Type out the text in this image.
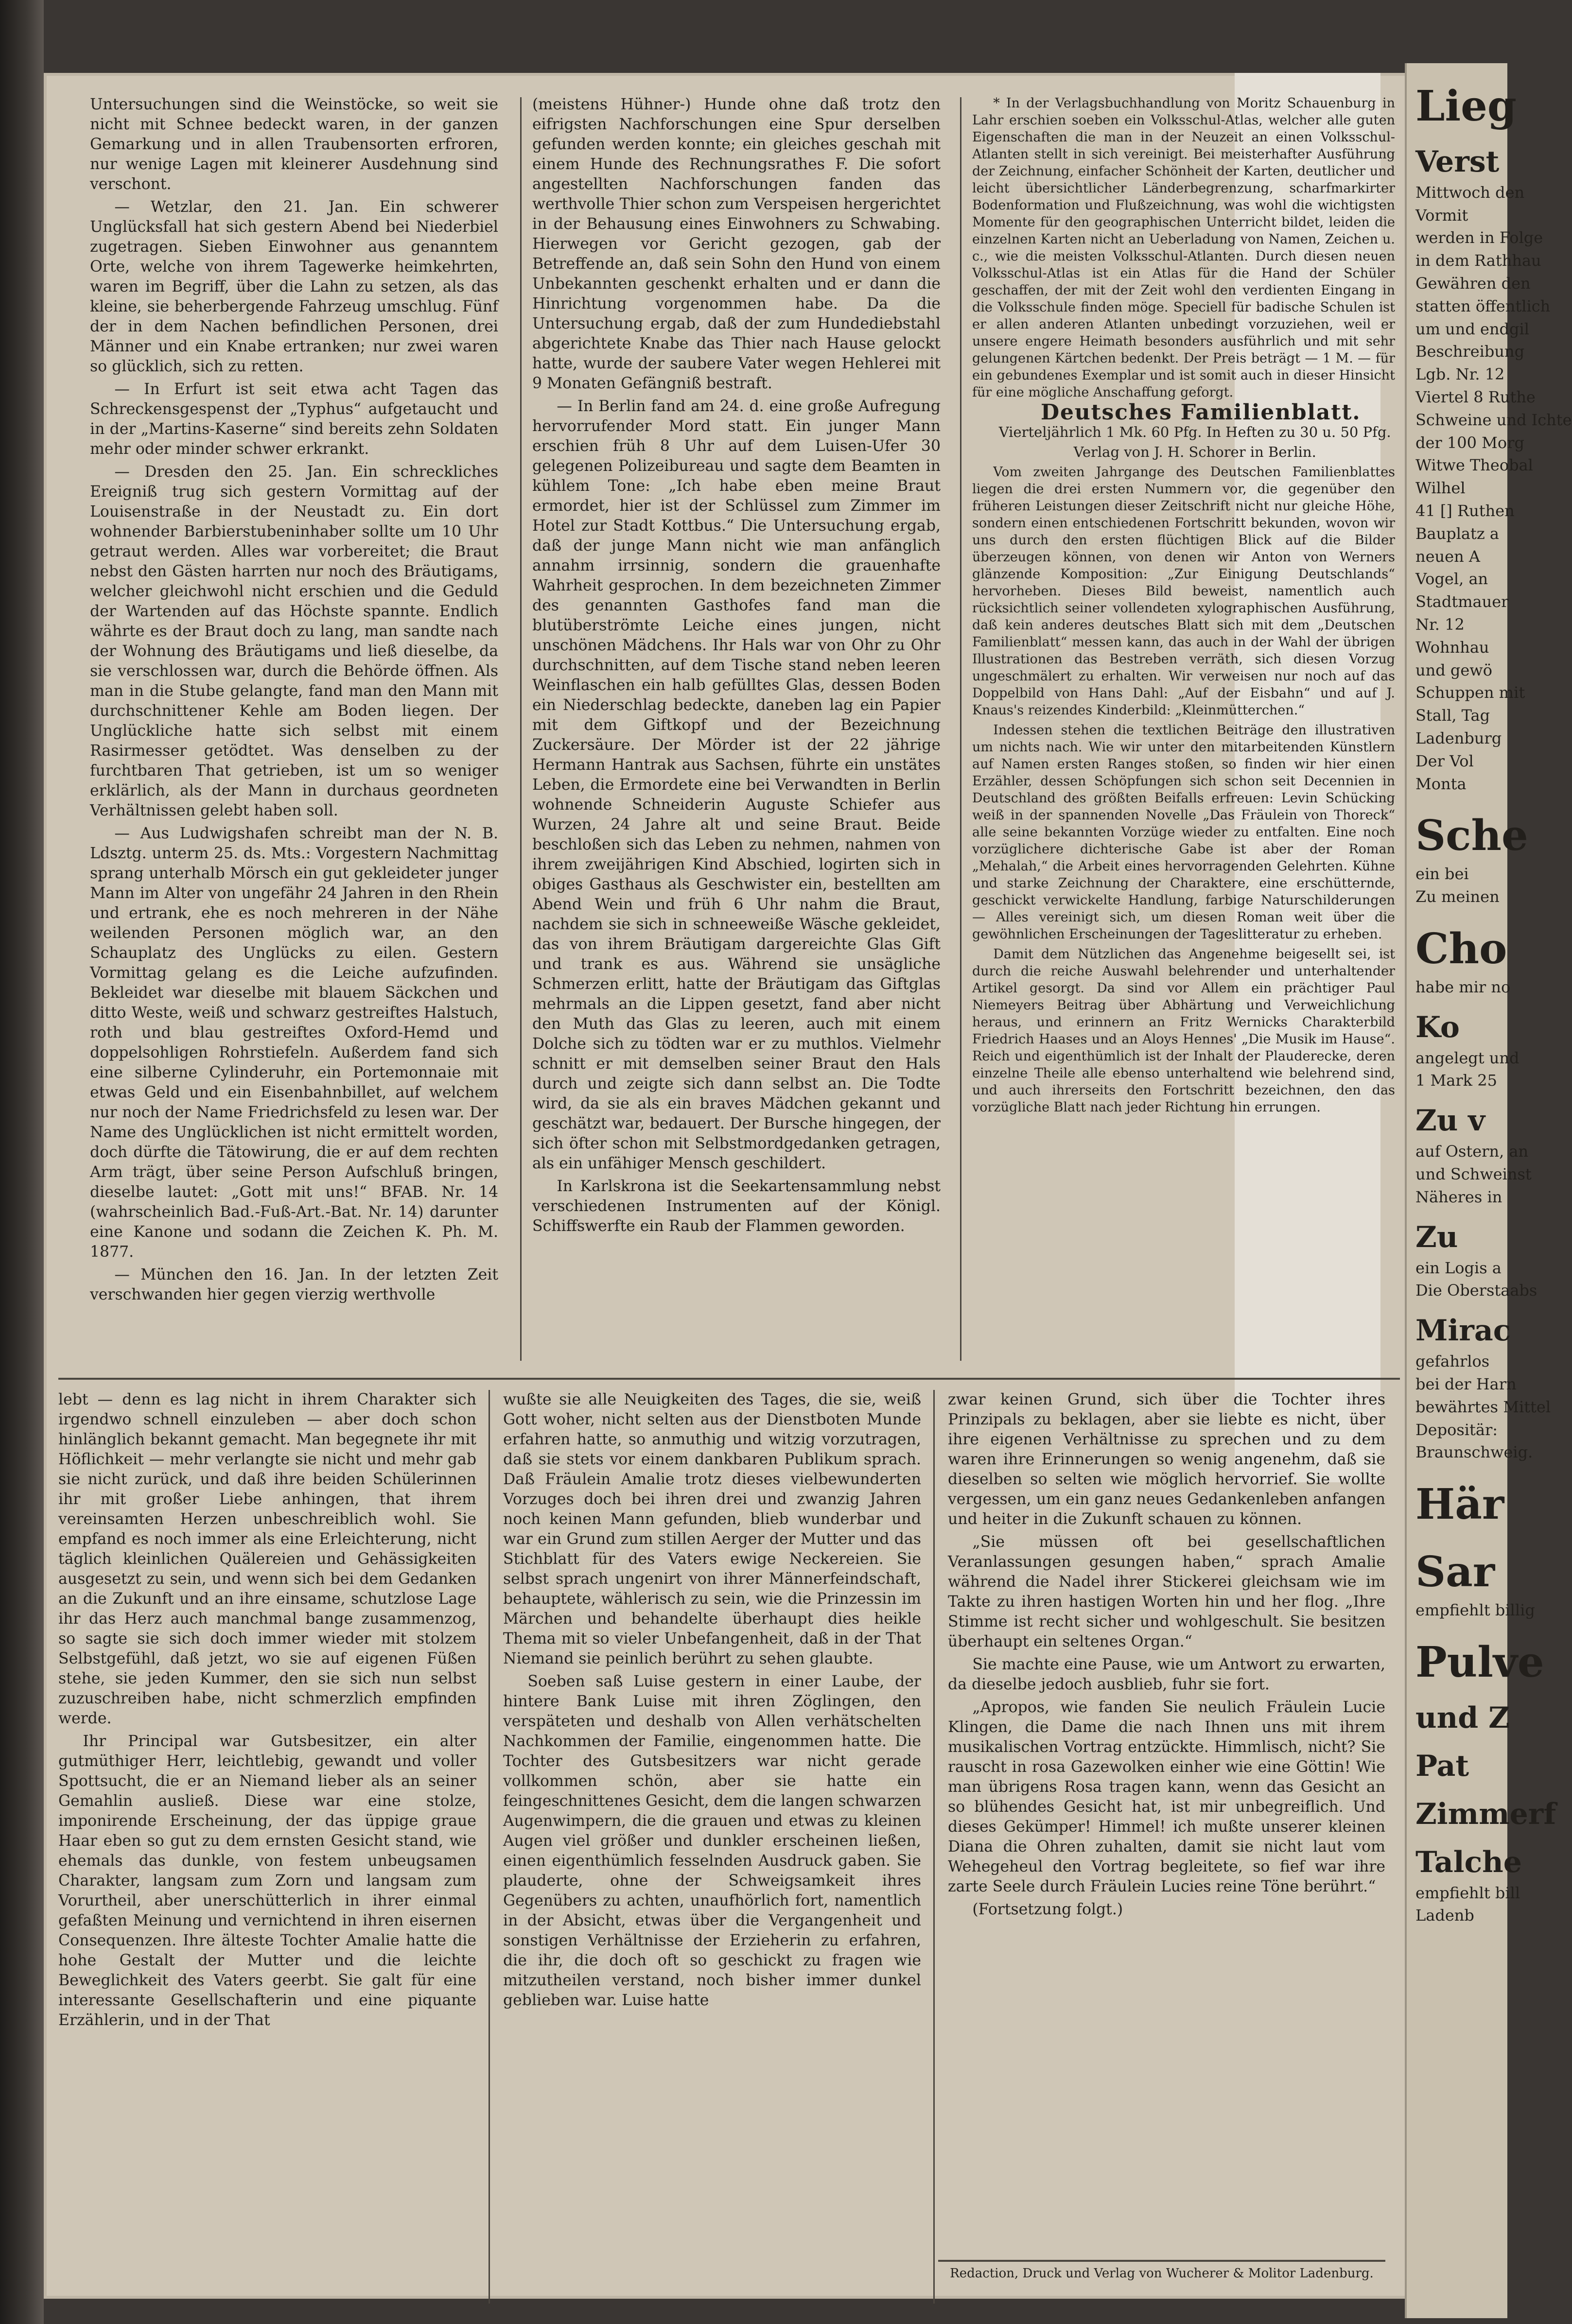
Untersuchungen sind die Weinstöcke, so weit sie nicht mit Schnee bedeckt waren, in der ganzen Gemarkung und in allen Traubensorten erfroren, nur wenige Lagen mit kleinerer Ausdehnung sind verschont.

— Wetzlar, den 21. Jan. Ein schwerer Unglücksfall hat sich gestern Abend bei Niederbiel zugetragen. Sieben Einwohner aus genanntem Orte, welche von ihrem Tagewerke heimkehrten, waren im Begriff, über die Lahn zu setzen, als das kleine, sie beherbergende Fahrzeug umschlug. Fünf der in dem Nachen befindlichen Personen, drei Männer und ein Knabe ertranken; nur zwei waren so glücklich, sich zu retten.

— In Erfurt ist seit etwa acht Tagen das Schreckensgespenst der „Typhus“ aufgetaucht und in der „Martins-Kaserne“ sind bereits zehn Soldaten mehr oder minder schwer erkrankt.

— Dresden den 25. Jan. Ein schreckliches Ereigniß trug sich gestern Vormittag auf der Louisenstraße in der Neustadt zu. Ein dort wohnender Barbierstubeninhaber sollte um 10 Uhr getraut werden. Alles war vorbereitet; die Braut nebst den Gästen harrten nur noch des Bräutigams, welcher gleichwohl nicht erschien und die Geduld der Wartenden auf das Höchste spannte. Endlich währte es der Braut doch zu lang, man sandte nach der Wohnung des Bräutigams und ließ dieselbe, da sie verschlossen war, durch die Behörde öffnen. Als man in die Stube gelangte, fand man den Mann mit durchschnittener Kehle am Boden liegen. Der Unglückliche hatte sich selbst mit einem Rasirmesser getödtet. Was denselben zu der furchtbaren That getrieben, ist um so weniger erklärlich, als der Mann in durchaus geordneten Verhältnissen gelebt haben soll.

— Aus Ludwigshafen schreibt man der N. B. Ldsztg. unterm 25. ds. Mts.: Vorgestern Nachmittag sprang unterhalb Mörsch ein gut gekleideter junger Mann im Alter von ungefähr 24 Jahren in den Rhein und ertrank, ehe es noch mehreren in der Nähe weilenden Personen möglich war, an den Schauplatz des Unglücks zu eilen. Gestern Vormittag gelang es die Leiche aufzufinden. Bekleidet war dieselbe mit blauem Säckchen und ditto Weste, weiß und schwarz gestreiftes Halstuch, roth und blau gestreiftes Oxford-Hemd und doppelsohligen Rohrstiefeln. Außerdem fand sich eine silberne Cylinderuhr, ein Portemonnaie mit etwas Geld und ein Eisenbahnbillet, auf welchem nur noch der Name Friedrichsfeld zu lesen war. Der Name des Unglücklichen ist nicht ermittelt worden, doch dürfte die Tätowirung, die er auf dem rechten Arm trägt, über seine Person Aufschluß bringen, dieselbe lautet: „Gott mit uns!“ BFAB. Nr. 14 (wahrscheinlich Bad.-Fuß-Art.-Bat. Nr. 14) darunter eine Kanone und sodann die Zeichen K. Ph. M. 1877.

— München den 16. Jan. In der letzten Zeit verschwanden hier gegen vierzig werthvolle

(meistens Hühner-) Hunde ohne daß trotz den eifrigsten Nachforschungen eine Spur derselben gefunden werden konnte; ein gleiches geschah mit einem Hunde des Rechnungsrathes F. Die sofort angestellten Nachforschungen fanden das werthvolle Thier schon zum Verspeisen hergerichtet in der Behausung eines Einwohners zu Schwabing. Hierwegen vor Gericht gezogen, gab der Betreffende an, daß sein Sohn den Hund von einem Unbekannten geschenkt erhalten und er dann die Hinrichtung vorgenommen habe. Da die Untersuchung ergab, daß der zum Hundediebstahl abgerichtete Knabe das Thier nach Hause gelockt hatte, wurde der saubere Vater wegen Hehlerei mit 9 Monaten Gefängniß bestraft.

— In Berlin fand am 24. d. eine große Aufregung hervorrufender Mord statt. Ein junger Mann erschien früh 8 Uhr auf dem Luisen-Ufer 30 gelegenen Polizeibureau und sagte dem Beamten in kühlem Tone: „Ich habe eben meine Braut ermordet, hier ist der Schlüssel zum Zimmer im Hotel zur Stadt Kottbus.“ Die Untersuchung ergab, daß der junge Mann nicht wie man anfänglich annahm irrsinnig, sondern die grauenhafte Wahrheit gesprochen. In dem bezeichneten Zimmer des genannten Gasthofes fand man die blutüberströmte Leiche eines jungen, nicht unschönen Mädchens. Ihr Hals war von Ohr zu Ohr durchschnitten, auf dem Tische stand neben leeren Weinflaschen ein halb gefülltes Glas, dessen Boden ein Niederschlag bedeckte, daneben lag ein Papier mit dem Giftkopf und der Bezeichnung Zuckersäure. Der Mörder ist der 22 jährige Hermann Hantrak aus Sachsen, führte ein unstätes Leben, die Ermordete eine bei Verwandten in Berlin wohnende Schneiderin Auguste Schiefer aus Wurzen, 24 Jahre alt und seine Braut. Beide beschloßen sich das Leben zu nehmen, nahmen von ihrem zweijährigen Kind Abschied, logirten sich in obiges Gasthaus als Geschwister ein, bestellten am Abend Wein und früh 6 Uhr nahm die Braut, nachdem sie sich in schneeweiße Wäsche gekleidet, das von ihrem Bräutigam dargereichte Glas Gift und trank es aus. Während sie unsägliche Schmerzen erlitt, hatte der Bräutigam das Giftglas mehrmals an die Lippen gesetzt, fand aber nicht den Muth das Glas zu leeren, auch mit einem Dolche sich zu tödten war er zu muthlos. Vielmehr schnitt er mit demselben seiner Braut den Hals durch und zeigte sich dann selbst an. Die Todte wird, da sie als ein braves Mädchen gekannt und geschätzt war, bedauert. Der Bursche hingegen, der sich öfter schon mit Selbstmordgedanken getragen, als ein unfähiger Mensch geschildert.

In Karlskrona ist die Seekartensammlung nebst verschiedenen Instrumenten auf der Königl. Schiffswerfte ein Raub der Flammen geworden.

* In der Verlagsbuchhandlung von Moritz Schauenburg in Lahr erschien soeben ein Volksschul-Atlas, welcher alle guten Eigenschaften die man in der Neuzeit an einen Volksschul-Atlanten stellt in sich vereinigt. Bei meisterhafter Ausführung der Zeichnung, einfacher Schönheit der Karten, deutlicher und leicht übersichtlicher Länderbegrenzung, scharfmarkirter Bodenformation und Flußzeichnung, was wohl die wichtigsten Momente für den geographischen Unterricht bildet, leiden die einzelnen Karten nicht an Ueberladung von Namen, Zeichen u. c., wie die meisten Volksschul-Atlanten. Durch diesen neuen Volksschul-Atlas ist ein Atlas für die Hand der Schüler geschaffen, der mit der Zeit wohl den verdienten Eingang in die Volksschule finden möge. Speciell für badische Schulen ist er allen anderen Atlanten unbedingt vorzuziehen, weil er unsere engere Heimath besonders ausführlich und mit sehr gelungenen Kärtchen bedenkt. Der Preis beträgt — 1 M. — für ein gebundenes Exemplar und ist somit auch in dieser Hinsicht für eine mögliche Anschaffung geforgt.

Deutsches Familienblatt.

Vierteljährlich 1 Mk. 60 Pfg. In Heften zu 30 u. 50 Pfg.

Verlag von J. H. Schorer in Berlin.

Vom zweiten Jahrgange des Deutschen Familienblattes liegen die drei ersten Nummern vor, die gegenüber den früheren Leistungen dieser Zeitschrift nicht nur gleiche Höhe, sondern einen entschiedenen Fortschritt bekunden, wovon wir uns durch den ersten flüchtigen Blick auf die Bilder überzeugen können, von denen wir Anton von Werners glänzende Komposition: „Zur Einigung Deutschlands“ hervorheben. Dieses Bild beweist, namentlich auch rücksichtlich seiner vollendeten xylographischen Ausführung, daß kein anderes deutsches Blatt sich mit dem „Deutschen Familienblatt“ messen kann, das auch in der Wahl der übrigen Illustrationen das Bestreben verräth, sich diesen Vorzug ungeschmälert zu erhalten. Wir verweisen nur noch auf das Doppelbild von Hans Dahl: „Auf der Eisbahn“ und auf J. Knaus's reizendes Kinderbild: „Kleinmütterchen.“

Indessen stehen die textlichen Beiträge den illustrativen um nichts nach. Wie wir unter den mitarbeitenden Künstlern auf Namen ersten Ranges stoßen, so finden wir hier einen Erzähler, dessen Schöpfungen sich schon seit Decennien in Deutschland des größten Beifalls erfreuen: Levin Schücking weiß in der spannenden Novelle „Das Fräulein von Thoreck“ alle seine bekannten Vorzüge wieder zu entfalten. Eine noch vorzüglichere dichterische Gabe ist aber der Roman „Mehalah,“ die Arbeit eines hervorragenden Gelehrten. Kühne und starke Zeichnung der Charaktere, eine erschütternde, geschickt verwickelte Handlung, farbige Naturschilderungen — Alles vereinigt sich, um diesen Roman weit über die gewöhnlichen Erscheinungen der Tageslitteratur zu erheben.

Damit dem Nützlichen das Angenehme beigesellt sei, ist durch die reiche Auswahl belehrender und unterhaltender Artikel gesorgt. Da sind vor Allem ein prächtiger Paul Niemeyers Beitrag über Abhärtung und Verweichlichung heraus, und erinnern an Fritz Wernicks Charakterbild Friedrich Haases und an Aloys Hennes' „Die Musik im Hause“. Reich und eigenthümlich ist der Inhalt der Plauderecke, deren einzelne Theile alle ebenso unterhaltend wie belehrend sind, und auch ihrerseits den Fortschritt bezeichnen, den das vorzügliche Blatt nach jeder Richtung hin errungen.

lebt — denn es lag nicht in ihrem Charakter sich irgendwo schnell einzuleben — aber doch schon hinlänglich bekannt gemacht. Man begegnete ihr mit Höflichkeit — mehr verlangte sie nicht und mehr gab sie nicht zurück, und daß ihre beiden Schülerinnen ihr mit großer Liebe anhingen, that ihrem vereinsamten Herzen unbeschreiblich wohl. Sie empfand es noch immer als eine Erleichterung, nicht täglich kleinlichen Quälereien und Gehässigkeiten ausgesetzt zu sein, und wenn sich bei dem Gedanken an die Zukunft und an ihre einsame, schutzlose Lage ihr das Herz auch manchmal bange zusammenzog, so sagte sie sich doch immer wieder mit stolzem Selbstgefühl, daß jetzt, wo sie auf eigenen Füßen stehe, sie jeden Kummer, den sie sich nun selbst zuzuschreiben habe, nicht schmerzlich empfinden werde.

Ihr Principal war Gutsbesitzer, ein alter gutmüthiger Herr, leichtlebig, gewandt und voller Spottsucht, die er an Niemand lieber als an seiner Gemahlin ausließ. Diese war eine stolze, imponirende Erscheinung, der das üppige graue Haar eben so gut zu dem ernsten Gesicht stand, wie ehemals das dunkle, von festem unbeugsamen Charakter, langsam zum Zorn und langsam zum Vorurtheil, aber unerschütterlich in ihrer einmal gefaßten Meinung und vernichtend in ihren eisernen Consequenzen. Ihre älteste Tochter Amalie hatte die hohe Gestalt der Mutter und die leichte Beweglichkeit des Vaters geerbt. Sie galt für eine interessante Gesellschafterin und eine piquante Erzählerin, und in der That

wußte sie alle Neuigkeiten des Tages, die sie, weiß Gott woher, nicht selten aus der Dienstboten Munde erfahren hatte, so anmuthig und witzig vorzutragen, daß sie stets vor einem dankbaren Publikum sprach. Daß Fräulein Amalie trotz dieses vielbewunderten Vorzuges doch bei ihren drei und zwanzig Jahren noch keinen Mann gefunden, blieb wunderbar und war ein Grund zum stillen Aerger der Mutter und das Stichblatt für des Vaters ewige Neckereien. Sie selbst sprach ungenirt von ihrer Männerfeindschaft, behauptete, wählerisch zu sein, wie die Prinzessin im Märchen und behandelte überhaupt dies heikle Thema mit so vieler Unbefangenheit, daß in der That Niemand sie peinlich berührt zu sehen glaubte.

Soeben saß Luise gestern in einer Laube, der hintere Bank Luise mit ihren Zöglingen, den verspäteten und deshalb von Allen verhätschelten Nachkommen der Familie, eingenommen hatte. Die Tochter des Gutsbesitzers war nicht gerade vollkommen schön, aber sie hatte ein feingeschnittenes Gesicht, dem die langen schwarzen Augenwimpern, die die grauen und etwas zu kleinen Augen viel größer und dunkler erscheinen ließen, einen eigenthümlich fesselnden Ausdruck gaben. Sie plauderte, ohne der Schweigsamkeit ihres Gegenübers zu achten, unaufhörlich fort, namentlich in der Absicht, etwas über die Vergangenheit und sonstigen Verhältnisse der Erzieherin zu erfahren, die ihr, die doch oft so geschickt zu fragen wie mitzutheilen verstand, noch bisher immer dunkel geblieben war. Luise hatte

zwar keinen Grund, sich über die Tochter ihres Prinzipals zu beklagen, aber sie liebte es nicht, über ihre eigenen Verhältnisse zu sprechen und zu dem waren ihre Erinnerungen so wenig angenehm, daß sie dieselben so selten wie möglich hervorrief. Sie wollte vergessen, um ein ganz neues Gedankenleben anfangen und heiter in die Zukunft schauen zu können.

„Sie müssen oft bei gesellschaftlichen Veranlassungen gesungen haben,“ sprach Amalie während die Nadel ihrer Stickerei gleichsam wie im Takte zu ihren hastigen Worten hin und her flog. „Ihre Stimme ist recht sicher und wohlgeschult. Sie besitzen überhaupt ein seltenes Organ.“

Sie machte eine Pause, wie um Antwort zu erwarten, da dieselbe jedoch ausblieb, fuhr sie fort.

„Apropos, wie fanden Sie neulich Fräulein Lucie Klingen, die Dame die nach Ihnen uns mit ihrem musikalischen Vortrag entzückte. Himmlisch, nicht? Sie rauscht in rosa Gazewolken einher wie eine Göttin! Wie man übrigens Rosa tragen kann, wenn das Gesicht an so blühendes Gesicht hat, ist mir unbegreiflich. Und dieses Gekümper! Himmel! ich mußte unserer kleinen Diana die Ohren zuhalten, damit sie nicht laut vom Wehegeheul den Vortrag begleitete, so fief war ihre zarte Seele durch Fräulein Lucies reine Töne berührt.“

(Fortsetzung folgt.)

Redaction, Druck und Verlag von Wucherer & Molitor Ladenburg.
Lieg
Verst
Mittwoch den
Vormit
werden in Folge
in dem Rathhau
Gewähren den
statten öffentlich
um und endgil
Beschreibung
Lgb. Nr. 12
Viertel 8 Ruthe
Schweine und Ichte
der 100 Morg
Witwe Theobal
Wilhel
41 [] Ruthen
Bauplatz a
neuen A
Vogel, an
Stadtmauer
Nr. 12
Wohnhau
und gewö
Schuppen mit
Stall, Tag
Ladenburg
Der Vol
Monta
Sche
ein bei
Zu meinen
Cho
habe mir no
Ko
angelegt und
1 Mark 25
Zu v
auf Ostern, an
und Schweinst
Näheres in
Zu
ein Logis a
Die Oberstaabs
Mirac
gefahrlos
bei der Harn
bewährtes Mittel
Depositär:
Braunschweig.
Här
Sar
empfiehlt billig
Pulve
und Z
Pat
Zimmerf
Talche
empfiehlt bill
Ladenb
